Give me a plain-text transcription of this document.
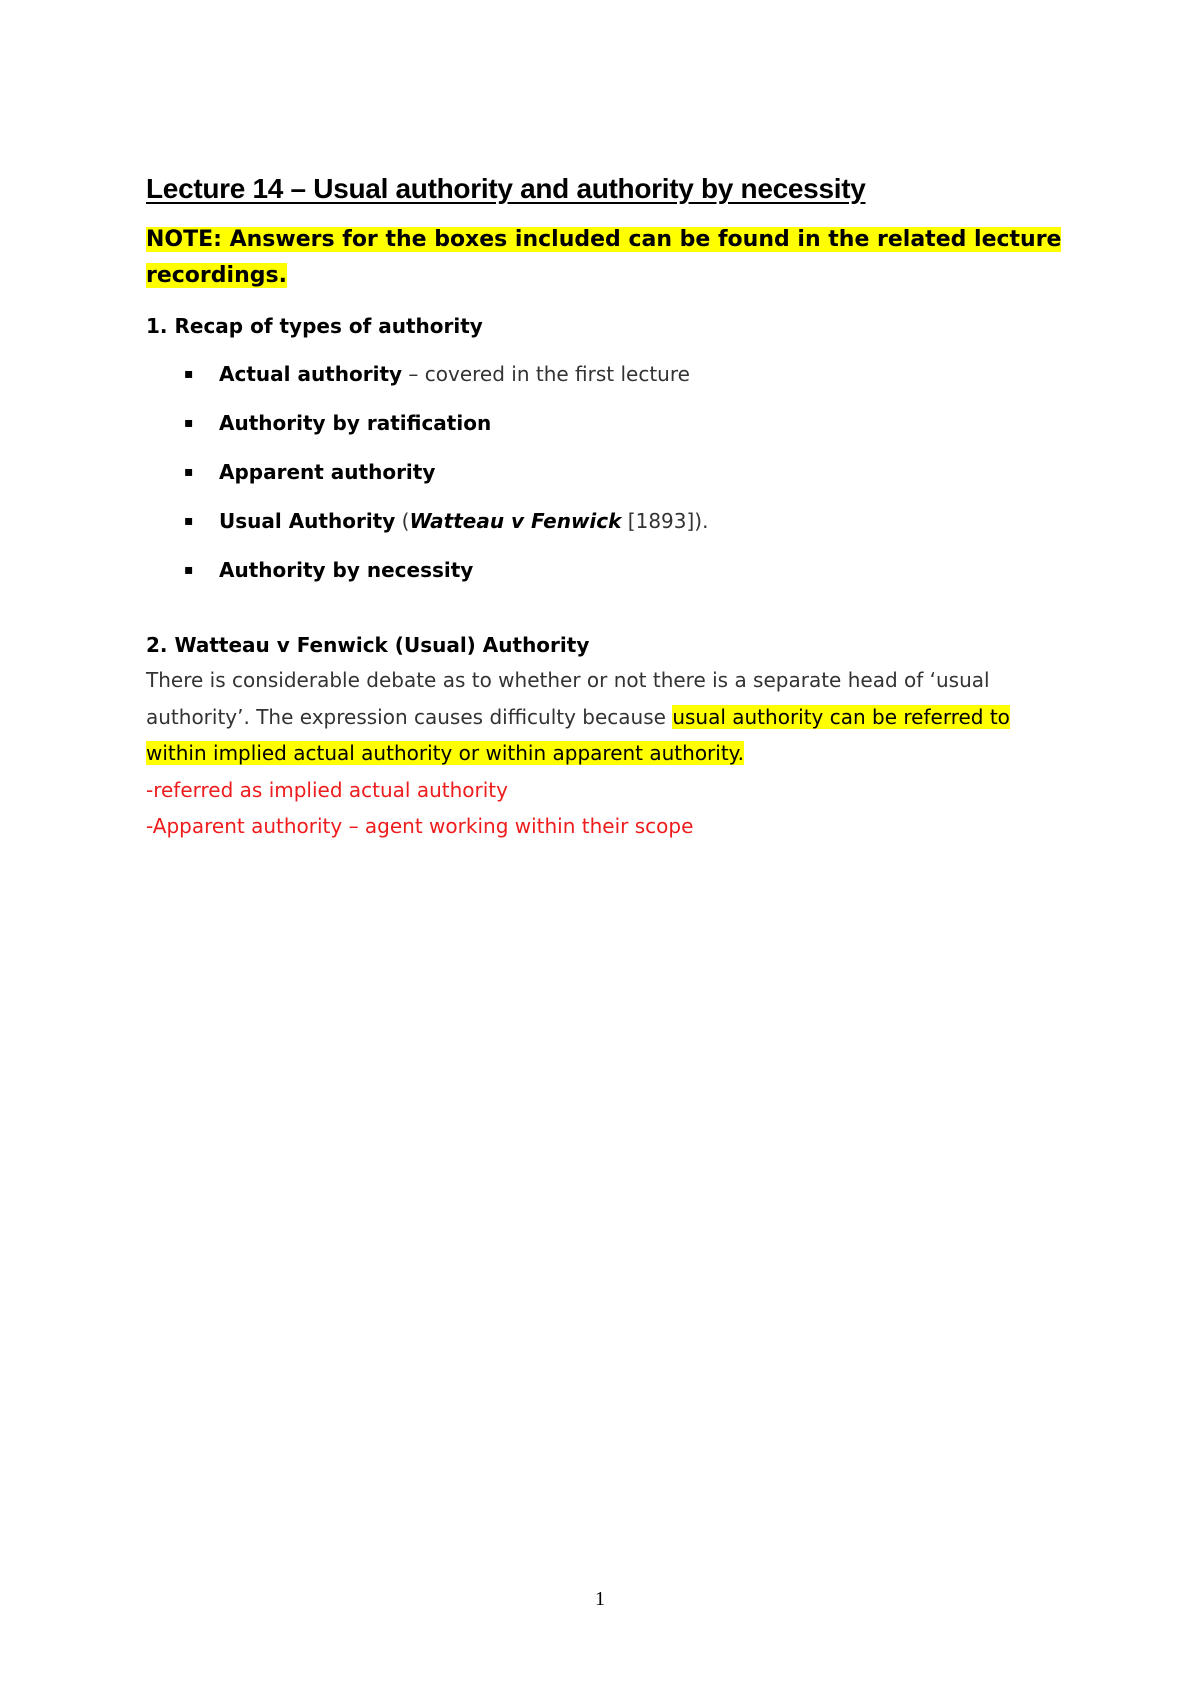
Lecture 14 – Usual authority and authority by necessity
NOTE: Answers for the boxes included can be found in the related lecture recordings.
1. Recap of types of authority
▪ Actual authority – covered in the first lecture
▪ Authority by ratification
▪ Apparent authority
▪ Usual Authority (Watteau v Fenwick [1893]).
▪ Authority by necessity
2. Watteau v Fenwick (Usual) Authority
There is considerable debate as to whether or not there is a separate head of ‘usual authority’. The expression causes difficulty because usual authority can be referred to within implied actual authority or within apparent authority.
-referred as implied actual authority
-Apparent authority – agent working within their scope
1
